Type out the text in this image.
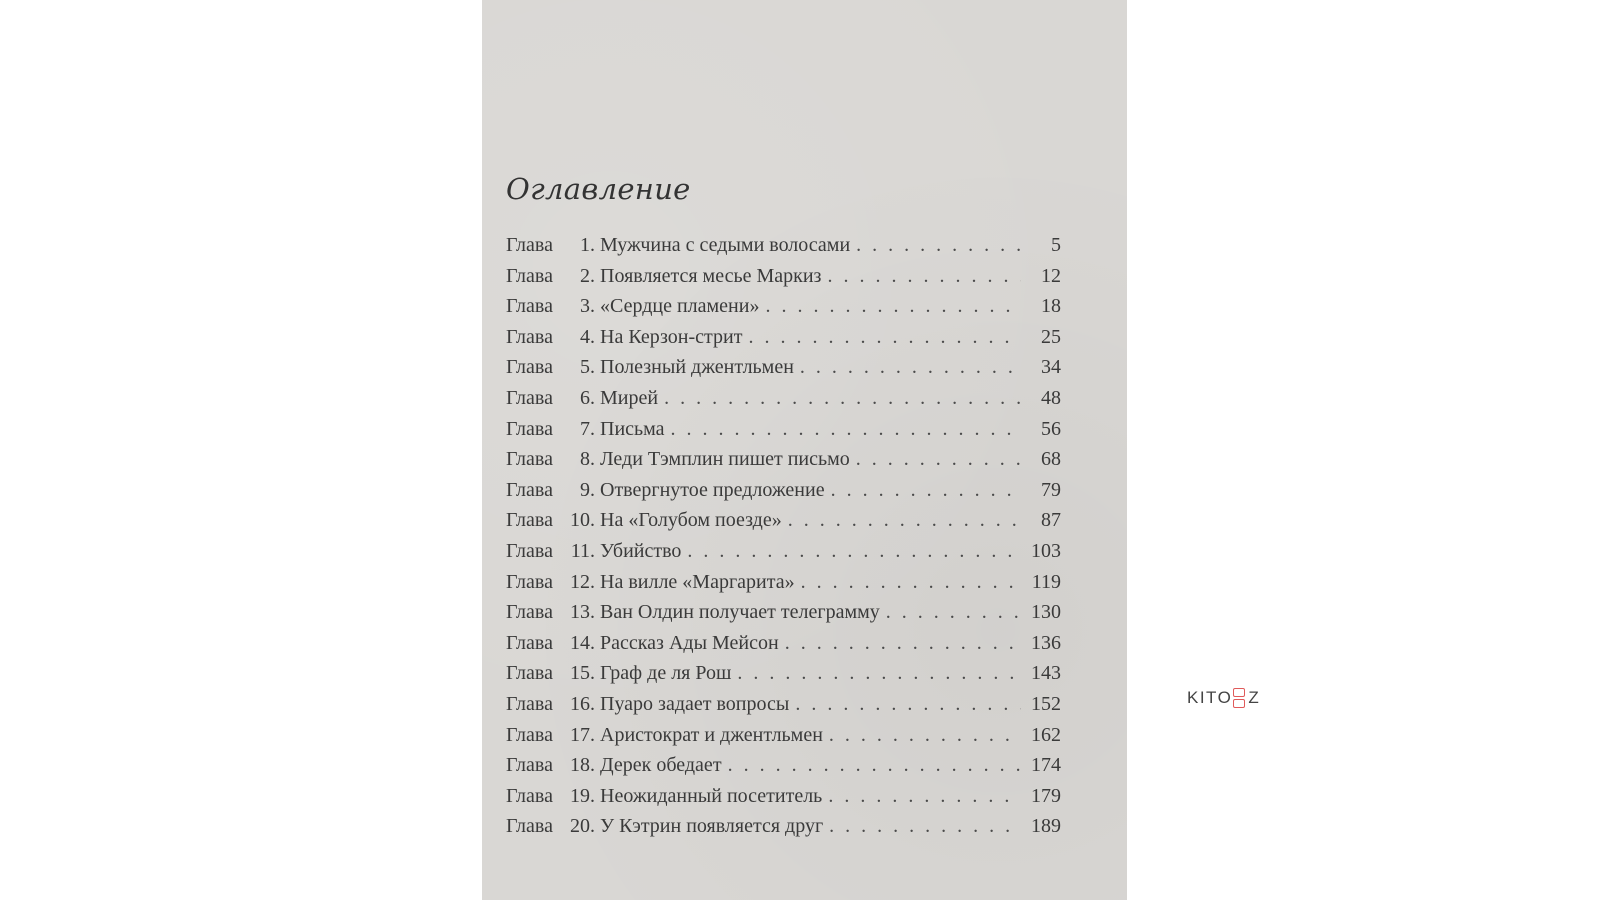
Оглавление
Глава	1. Мужчина с седыми волосами . . .	5
Глава	2. Появляется месье Маркиз . . .	12
Глава	3. «Сердце пламени» . . .	18
Глава	4. На Керзон-стрит . . .	25
Глава	5. Полезный джентльмен . . .	34
Глава	6. Мирей . . .	48
Глава	7. Письма . . .	56
Глава	8. Леди Тэмплин пишет письмо . . .	68
Глава	9. Отвергнутое предложение . . .	79
Глава 10. На «Голубом поезде» . . .	87
Глава 11. Убийство . . .	103
Глава 12. На вилле «Маргарита» . . .	119
Глава 13. Ван Олдин получает телеграмму . . .	130
Глава 14. Рассказ Ады Мейсон . . .	136
Глава 15. Граф де ля Рош . . .	143
Глава 16. Пуаро задает вопросы . . .	152
Глава 17. Аристократ и джентльмен . . .	162
Глава 18. Дерек обедает . . .	174
Глава 19. Неожиданный посетитель . . .	179
Глава 20. У Кэтрин появляется друг . . .	189
KITO Z
